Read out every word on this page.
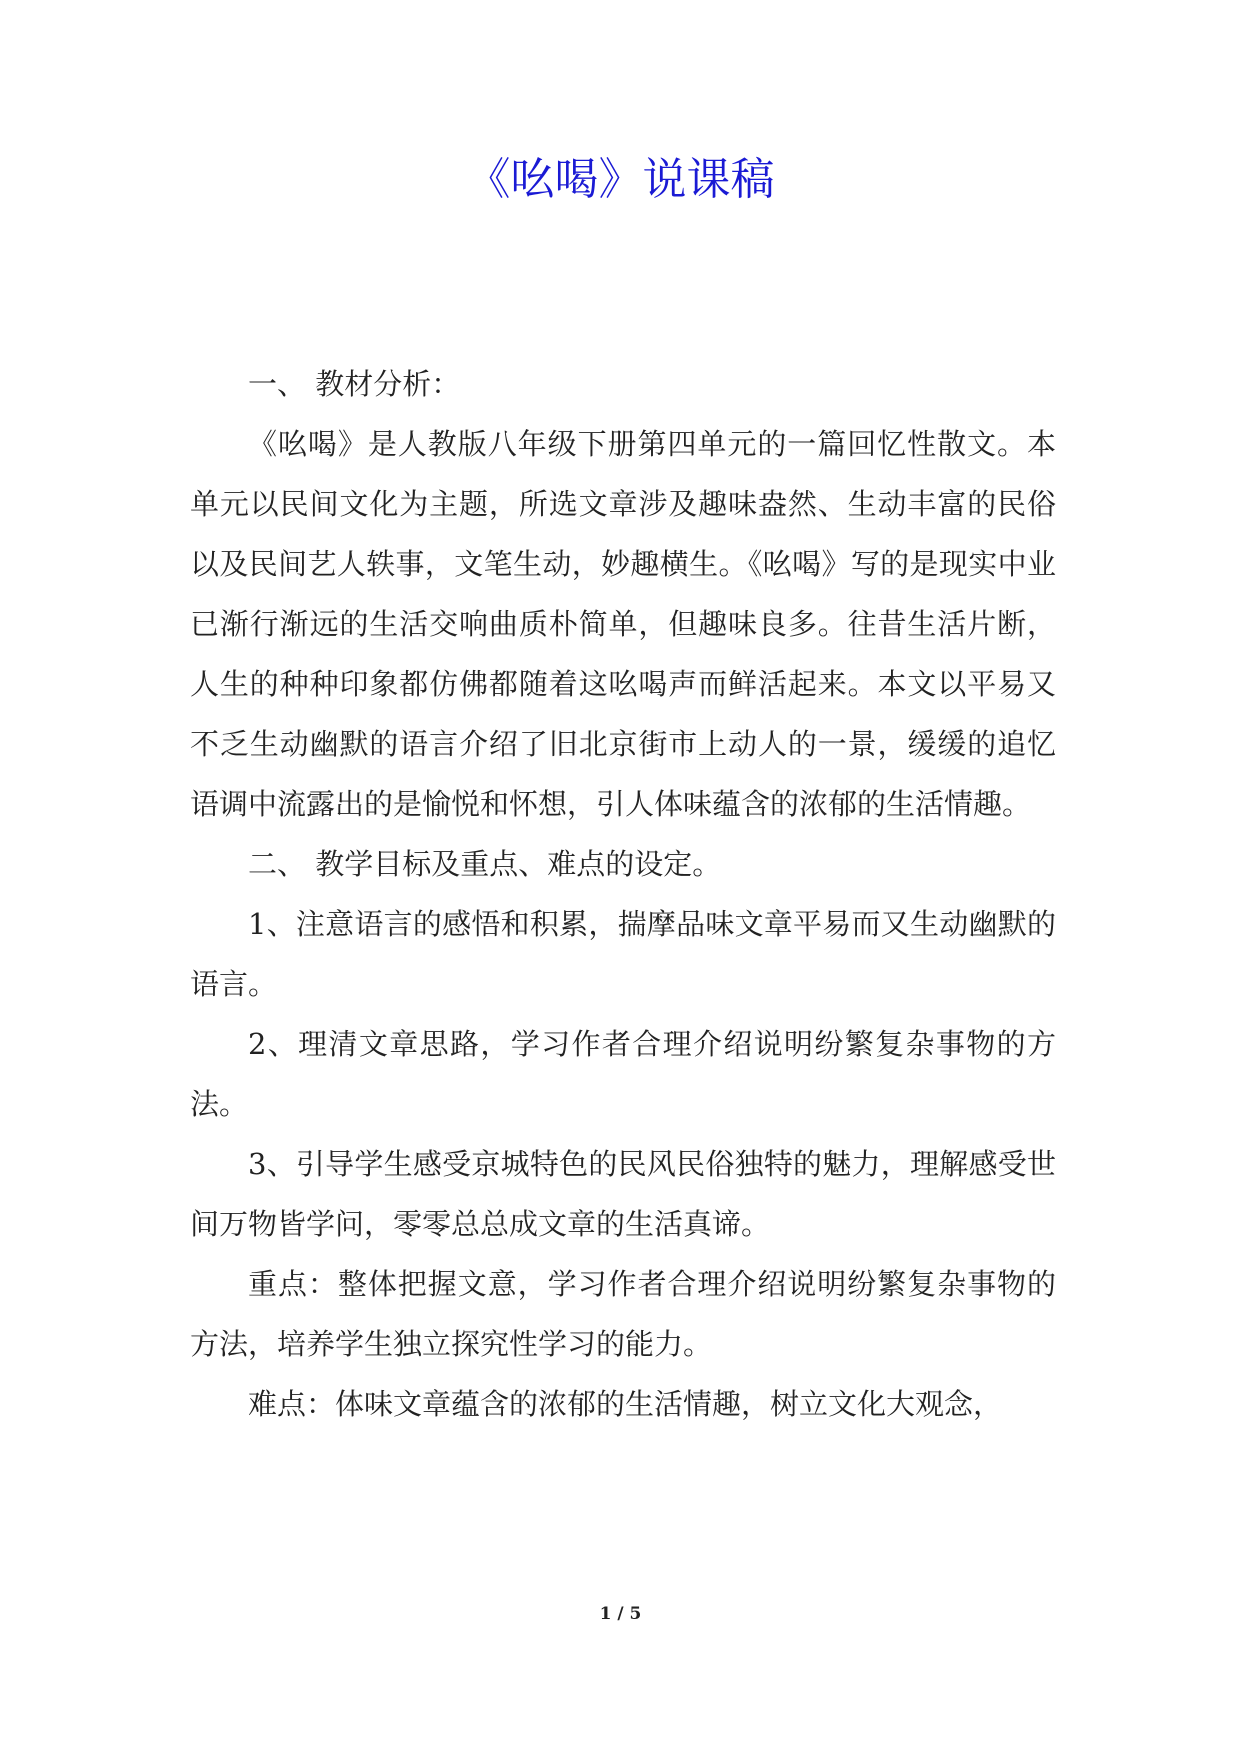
《吆喝》说课稿

一、 教材分析：

《吆喝》是人教版八年级下册第四单元的一篇回忆性散文。本单元以民间文化为主题，所选文章涉及趣味盎然、生动丰富的民俗以及民间艺人轶事，文笔生动，妙趣横生。《吆喝》写的是现实中业已渐行渐远的生活交响曲质朴简单，但趣味良多。往昔生活片断，人生的种种印象都仿佛都随着这吆喝声而鲜活起来。本文以平易又不乏生动幽默的语言介绍了旧北京街市上动人的一景，缓缓的追忆语调中流露出的是愉悦和怀想，引人体味蕴含的浓郁的生活情趣。

二、 教学目标及重点、难点的设定。

1、注意语言的感悟和积累，揣摩品味文章平易而又生动幽默的语言。

2、理清文章思路，学习作者合理介绍说明纷繁复杂事物的方法。

3、引导学生感受京城特色的民风民俗独特的魅力，理解感受世间万物皆学问，零零总总成文章的生活真谛。

重点：整体把握文意，学习作者合理介绍说明纷繁复杂事物的方法，培养学生独立探究性学习的能力。

难点：体味文章蕴含的浓郁的生活情趣，树立文化大观念，

1 / 5
